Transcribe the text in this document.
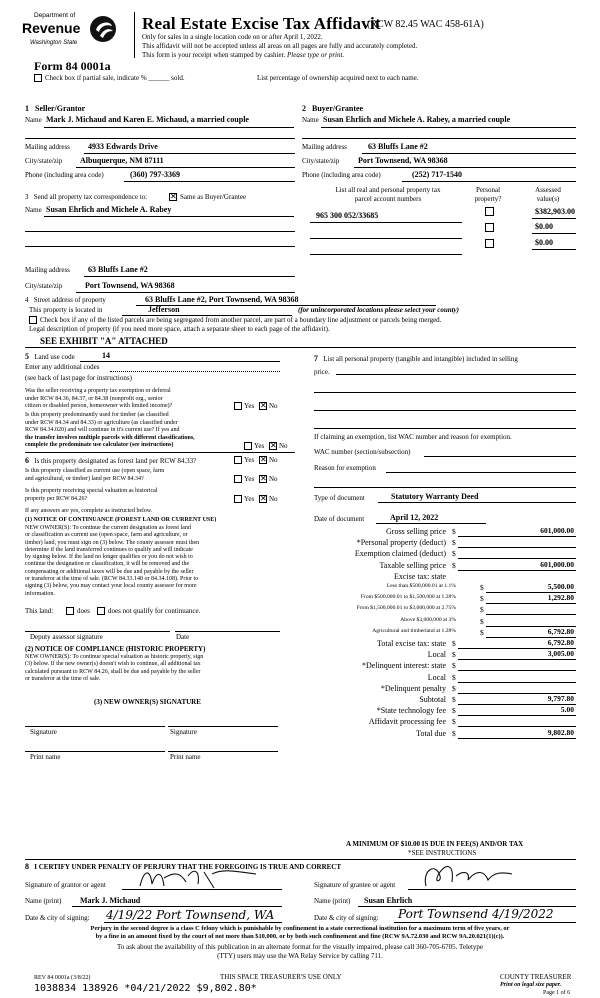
Department of
Revenue
Washington State
Real Estate Excise Tax Affidavit
(RCW 82.45 WAC 458-61A)
Only for sales in a single location code on or after April 1, 2022.
This affidavit will not be accepted unless all areas on all pages are fully and accurately completed.
This form is your receipt when stamped by cashier. Please type or print.
Form 84 0001a
Check box if partial sale, indicate % ______ sold.	List percentage of ownership acquired next to each name.
1 Seller/Grantor
Name Mark J. Michaud and Karen E. Michaud, a married couple
2 Buyer/Grantee
Name Susan Ehrlich and Michele A. Rabey, a married couple
Mailing address 4933 Edwards Drive
City/state/zip Albuquerque, NM 87111
Phone (including area code)	(360) 797-3369
Mailing address	63 Bluffs Lane #2
City/state/zip Port Townsend, WA 98368
Phone (including area code)	(252) 717-1540
3 Send all property tax correspondence to: ✕	Same as Buyer/Grantee
Name Susan Ehrlich and Michele A. Rabey
Mailing address 63 Bluffs Lane #2
City/state/zip	Port Townsend, WA 98368
List all real and personal property tax
parcel account numbers
Personal
property?
Assessed
value(s)
965 300 052/33685	$382,903.00
$0.00
$0.00
4 Street address of property	63 Bluffs Lane #2, Port Townsend, WA 98368
This property is located in	Jefferson	(for unincorporated locations please select your county)
Check box if any of the listed parcels are being segregated from another parcel, are part of a boundary line adjustment or parcels being merged.
Legal description of property (if you need more space, attach a separate sheet to each page of the affidavit).
SEE EXHIBIT "A" ATTACHED
5 Land use code	14
Enter any additional codes
(see back of last page for instructions)
Was the seller receiving a property tax exemption or deferral
under RCW 84.36, 84.37, or 84.38 (nonprofit org., senior
citizen or disabled person, homeowner with limited income)?	Yes ✕ No
Is this property predominantly used for timber (as classified
under RCW 84.34 and 84.33) or agriculture (as classified under
RCW 84.34.020) and will continue in it's current use? If yes and
the transfer involves multiple parcels with different classifications,
complete the predominate use calculator (see instructions)	Yes ✕ No
6 Is this property designated as forest land per RCW 84.33?	Yes ✕ No
Is this property classified as current use (open space, farm
and agricultural, or timber) land per RCW 84.34?	Yes ✕ No
Is this property receiving special valuation as historical
property per RCW 84.26?	Yes ✕ No
If any answers are yes, complete as instructed below.
(1) NOTICE OF CONTINUANCE (FOREST LAND OR CURRENT USE)
NEW OWNER(S): To continue the current designation as forest land
or classification as current use (open space, farm and agriculture, or
timber) land, you must sign on (3) below. The county assessor must then
determine if the land transferred continues to qualify and will indicate
by signing below. If the land no longer qualifies or you do not wish to
continue the designation or classification, it will be removed and the
compensating or additional taxes will be due and payable by the seller
or transferor at the time of sale. (RCW 84.33.140 or 84.34.108). Prior to
signing (3) below, you may contact your local county assessor for more
information.
This land:	does	does not qualify for continuance.
Deputy assessor signature	Date
(2) NOTICE OF COMPLIANCE (HISTORIC PROPERTY)
NEW OWNER(S): To continue special valuation as historic property, sign
(3) below. If the new owner(s) doesn't wish to continue, all additional tax
calculated pursuant to RCW 84.26, shall be due and payable by the seller
or transferor at the time of sale.
(3) NEW OWNER(S) SIGNATURE
Signature	Signature
Print name	Print name
7 List all personal property (tangible and intangible) included in selling
price.
If claiming an exemption, list WAC number and reason for exemption.
WAC number (section/subsection)
Reason for exemption
Type of document	Statutory Warranty Deed
Date of document	April 12, 2022
Gross selling price $	601,000.00
*Personal property (deduct) $
Exemption claimed (deduct) $
Taxable selling price $	601,000.00
Excise tax: state
Less than $500,000.01 at 1.1%	$	5,500.00
From $500,000.01 to $1,500,000 at 1.28%	$	1,292.80
From $1,500,000.01 to $3,000,000 at 2.75%	$
Above $3,000,000 at 3%	$
Agricultural and timberland at 1.28%	$	6,792.80
Total excise tax: state $	6,792.80
Local $	3,005.00
*Delinquent interest: state $
Local $
*Delinquent penalty $
Subtotal $	9,797.80
*State technology fee $	5.00
Affidavit processing fee $
Total due $	9,802.80
A MINIMUM OF $10.00 IS DUE IN FEE(S) AND/OR TAX
*SEE INSTRUCTIONS
8 I CERTIFY UNDER PENALTY OF PERJURY THAT THE FOREGOING IS TRUE AND CORRECT
Signature of grantor or agent	Signature of grantee or agent
Name (print) Mark J. Michaud	Name (print) Susan Ehrlich
Date & city of signing: 4/19/22 Port Townsend, WA	Date & city of signing: Port Townsend 4/19/2022
Perjury in the second degree is a class C felony which is punishable by confinement in a state correctional institution for a maximum term of five years, or
by a fine in an amount fixed by the court of not more than $10,000, or by both such confinement and fine (RCW 9A.72.030 and RCW 9A.20.021(1)(c)).
To ask about the availability of this publication in an alternate format for the visually impaired, please call 360-705-6705. Teletype
(TTY) users may use the WA Relay Service by calling 711.
REV 84 0001a (3/8/22)	THIS SPACE TREASURER'S USE ONLY	COUNTY TREASURER
Print on legal size paper.
Page 1 of 6
1038834 138926 *04/21/2022 $9,802.80*
